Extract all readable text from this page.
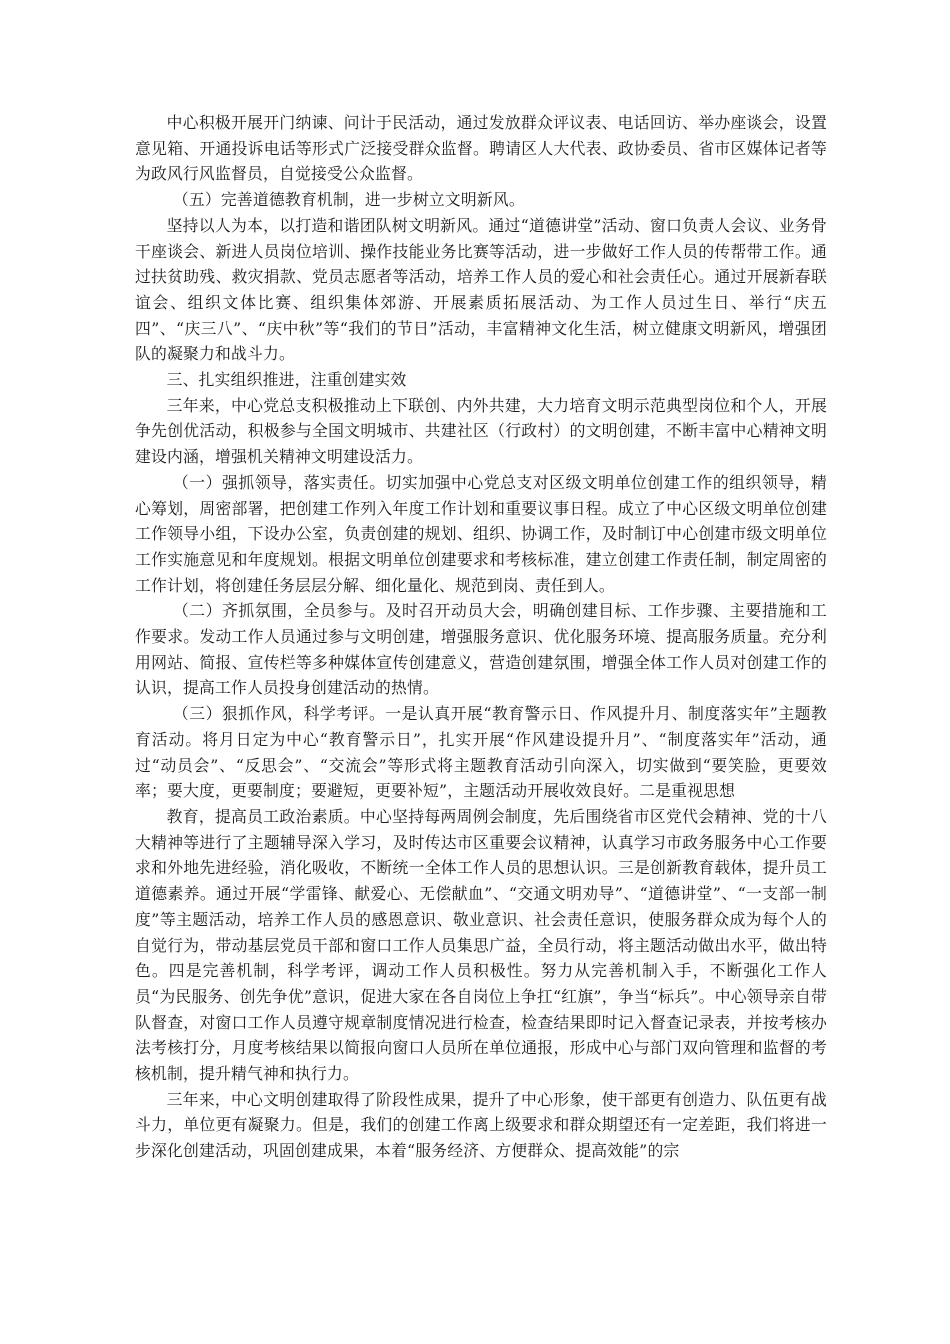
中心积极开展开门纳谏、问计于民活动，通过发放群众评议表、电话回访、举办座谈会，设置意见箱、开通投诉电话等形式广泛接受群众监督。聘请区人大代表、政协委员、省市区媒体记者等为政风行风监督员，自觉接受公众监督。

（五）完善道德教育机制，进一步树立文明新风。

坚持以人为本，以打造和谐团队树文明新风。通过“道德讲堂”活动、窗口负责人会议、业务骨干座谈会、新进人员岗位培训、操作技能业务比赛等活动，进一步做好工作人员的传帮带工作。通过扶贫助残、救灾捐款、党员志愿者等活动，培养工作人员的爱心和社会责任心。通过开展新春联谊会、组织文体比赛、组织集体郊游、开展素质拓展活动、为工作人员过生日、举行“庆五四”、“庆三八”、“庆中秋”等“我们的节日”活动，丰富精神文化生活，树立健康文明新风，增强团队的凝聚力和战斗力。

三、扎实组织推进，注重创建实效

三年来，中心党总支积极推动上下联创、内外共建，大力培育文明示范典型岗位和个人，开展争先创优活动，积极参与全国文明城市、共建社区（行政村）的文明创建，不断丰富中心精神文明建设内涵，增强机关精神文明建设活力。

（一）强抓领导，落实责任。切实加强中心党总支对区级文明单位创建工作的组织领导，精心筹划，周密部署，把创建工作列入年度工作计划和重要议事日程。成立了中心区级文明单位创建工作领导小组，下设办公室，负责创建的规划、组织、协调工作，及时制订中心创建市级文明单位工作实施意见和年度规划。根据文明单位创建要求和考核标准，建立创建工作责任制，制定周密的工作计划，将创建任务层层分解、细化量化、规范到岗、责任到人。

（二）齐抓氛围，全员参与。及时召开动员大会，明确创建目标、工作步骤、主要措施和工作要求。发动工作人员通过参与文明创建，增强服务意识、优化服务环境、提高服务质量。充分利用网站、简报、宣传栏等多种媒体宣传创建意义，营造创建氛围，增强全体工作人员对创建工作的认识，提高工作人员投身创建活动的热情。

（三）狠抓作风，科学考评。一是认真开展“教育警示日、作风提升月、制度落实年”主题教育活动。将月日定为中心“教育警示日”，扎实开展“作风建设提升月”、“制度落实年”活动，通过“动员会”、“反思会”、“交流会”等形式将主题教育活动引向深入，切实做到“要笑脸，更要效率；要大度，更要制度；要避短，更要补短”，主题活动开展收效良好。二是重视思想

教育，提高员工政治素质。中心坚持每两周例会制度，先后围绕省市区党代会精神、党的十八大精神等进行了主题辅导深入学习，及时传达市区重要会议精神，认真学习市政务服务中心工作要求和外地先进经验，消化吸收，不断统一全体工作人员的思想认识。三是创新教育载体，提升员工道德素养。通过开展“学雷锋、献爱心、无偿献血”、“交通文明劝导”、“道德讲堂”、“一支部一制度”等主题活动，培养工作人员的感恩意识、敬业意识、社会责任意识，使服务群众成为每个人的自觉行为，带动基层党员干部和窗口工作人员集思广益，全员行动，将主题活动做出水平，做出特色。四是完善机制，科学考评，调动工作人员积极性。努力从完善机制入手，不断强化工作人员“为民服务、创先争优”意识，促进大家在各自岗位上争扛“红旗”，争当“标兵”。中心领导亲自带队督查，对窗口工作人员遵守规章制度情况进行检查，检查结果即时记入督查记录表，并按考核办法考核打分，月度考核结果以简报向窗口人员所在单位通报，形成中心与部门双向管理和监督的考核机制，提升精气神和执行力。

三年来，中心文明创建取得了阶段性成果，提升了中心形象，使干部更有创造力、队伍更有战斗力，单位更有凝聚力。但是，我们的创建工作离上级要求和群众期望还有一定差距，我们将进一步深化创建活动，巩固创建成果，本着“服务经济、方便群众、提高效能”的宗
